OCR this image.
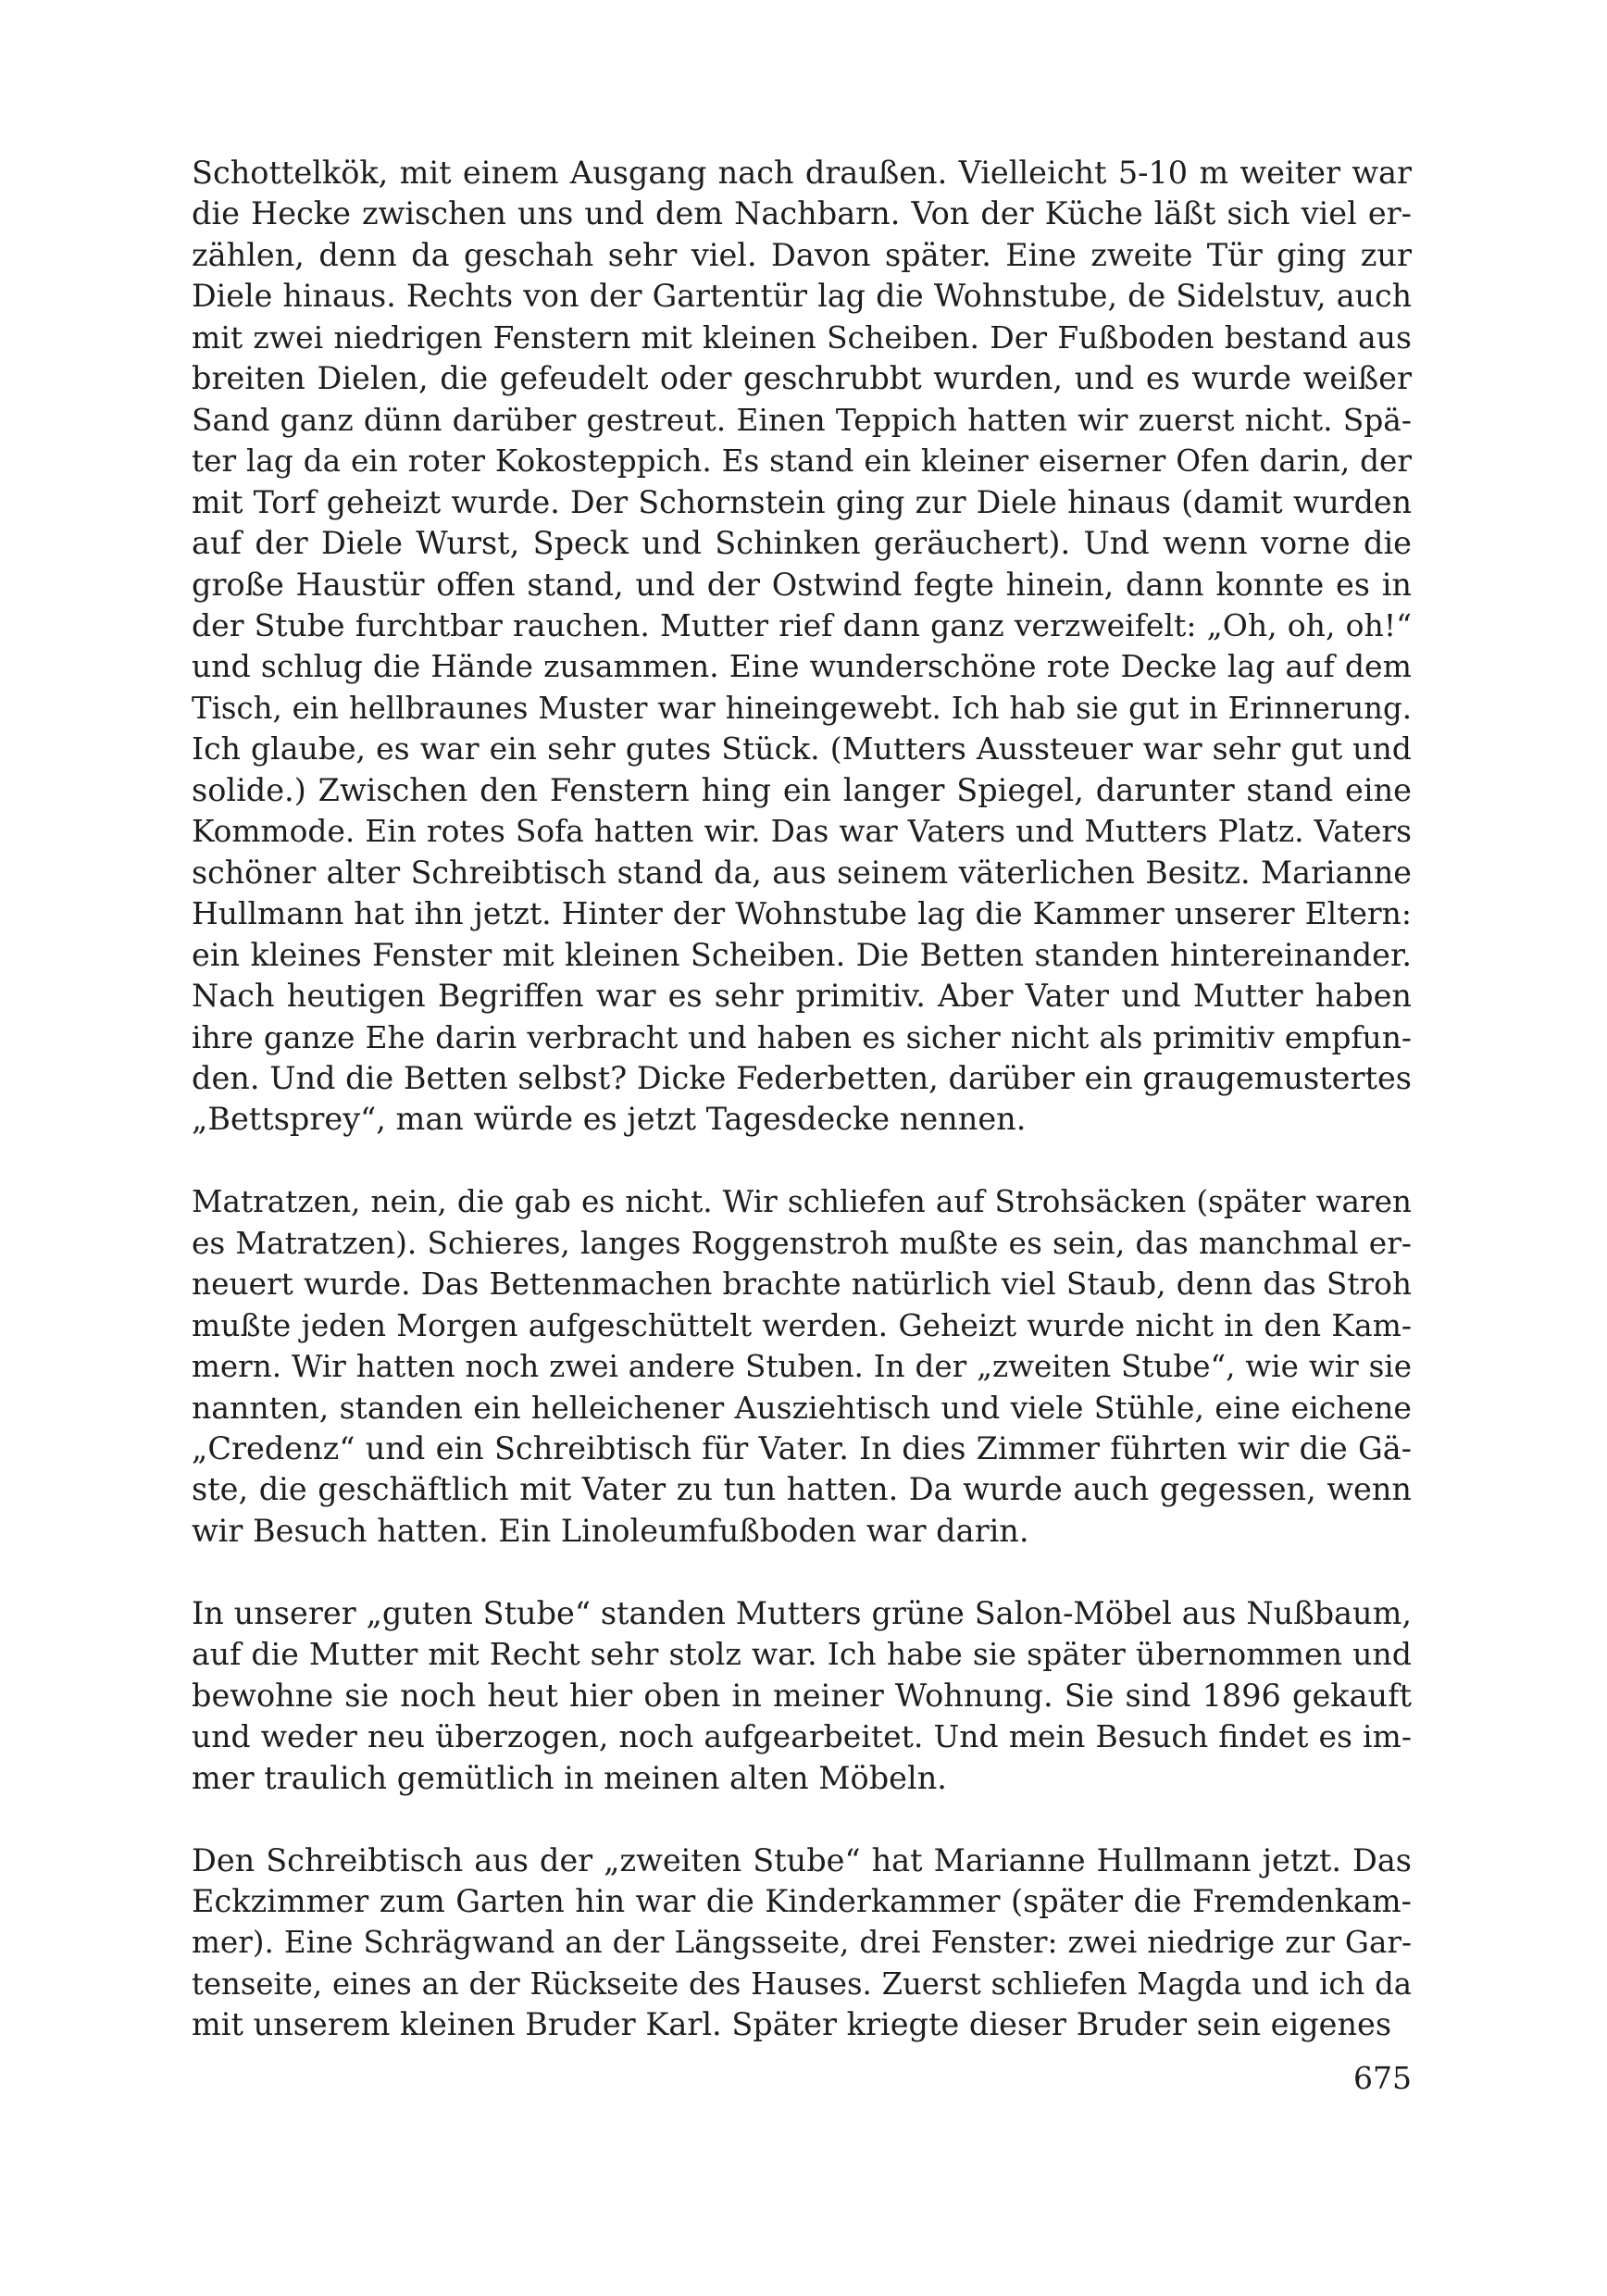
Schottelkök, mit einem Ausgang nach draußen. Vielleicht 5-10 m weiter war
die Hecke zwischen uns und dem Nachbarn. Von der Küche läßt sich viel er-
zählen, denn da geschah sehr viel. Davon später. Eine zweite Tür ging zur
Diele hinaus. Rechts von der Gartentür lag die Wohnstube, de Sidelstuv, auch
mit zwei niedrigen Fenstern mit kleinen Scheiben. Der Fußboden bestand aus
breiten Dielen, die gefeudelt oder geschrubbt wurden, und es wurde weißer
Sand ganz dünn darüber gestreut. Einen Teppich hatten wir zuerst nicht. Spä-
ter lag da ein roter Kokosteppich. Es stand ein kleiner eiserner Ofen darin, der
mit Torf geheizt wurde. Der Schornstein ging zur Diele hinaus (damit wurden
auf der Diele Wurst, Speck und Schinken geräuchert). Und wenn vorne die
große Haustür offen stand, und der Ostwind fegte hinein, dann konnte es in
der Stube furchtbar rauchen. Mutter rief dann ganz verzweifelt: „Oh, oh, oh!“
und schlug die Hände zusammen. Eine wunderschöne rote Decke lag auf dem
Tisch, ein hellbraunes Muster war hineingewebt. Ich hab sie gut in Erinnerung.
Ich glaube, es war ein sehr gutes Stück. (Mutters Aussteuer war sehr gut und
solide.) Zwischen den Fenstern hing ein langer Spiegel, darunter stand eine
Kommode. Ein rotes Sofa hatten wir. Das war Vaters und Mutters Platz. Vaters
schöner alter Schreibtisch stand da, aus seinem väterlichen Besitz. Marianne
Hullmann hat ihn jetzt. Hinter der Wohnstube lag die Kammer unserer Eltern:
ein kleines Fenster mit kleinen Scheiben. Die Betten standen hintereinander.
Nach heutigen Begriffen war es sehr primitiv. Aber Vater und Mutter haben
ihre ganze Ehe darin verbracht und haben es sicher nicht als primitiv empfun-
den. Und die Betten selbst? Dicke Federbetten, darüber ein graugemustertes
„Bettsprey“, man würde es jetzt Tagesdecke nennen.
Matratzen, nein, die gab es nicht. Wir schliefen auf Strohsäcken (später waren
es Matratzen). Schieres, langes Roggenstroh mußte es sein, das manchmal er-
neuert wurde. Das Bettenmachen brachte natürlich viel Staub, denn das Stroh
mußte jeden Morgen aufgeschüttelt werden. Geheizt wurde nicht in den Kam-
mern. Wir hatten noch zwei andere Stuben. In der „zweiten Stube“, wie wir sie
nannten, standen ein helleichener Ausziehtisch und viele Stühle, eine eichene
„Credenz“ und ein Schreibtisch für Vater. In dies Zimmer führten wir die Gä-
ste, die geschäftlich mit Vater zu tun hatten. Da wurde auch gegessen, wenn
wir Besuch hatten. Ein Linoleumfußboden war darin.
In unserer „guten Stube“ standen Mutters grüne Salon-Möbel aus Nußbaum,
auf die Mutter mit Recht sehr stolz war. Ich habe sie später übernommen und
bewohne sie noch heut hier oben in meiner Wohnung. Sie sind 1896 gekauft
und weder neu überzogen, noch aufgearbeitet. Und mein Besuch findet es im-
mer traulich gemütlich in meinen alten Möbeln.
Den Schreibtisch aus der „zweiten Stube“ hat Marianne Hullmann jetzt. Das
Eckzimmer zum Garten hin war die Kinderkammer (später die Fremdenkam-
mer). Eine Schrägwand an der Längsseite, drei Fenster: zwei niedrige zur Gar-
tenseite, eines an der Rückseite des Hauses. Zuerst schliefen Magda und ich da
mit unserem kleinen Bruder Karl. Später kriegte dieser Bruder sein eigenes
675
